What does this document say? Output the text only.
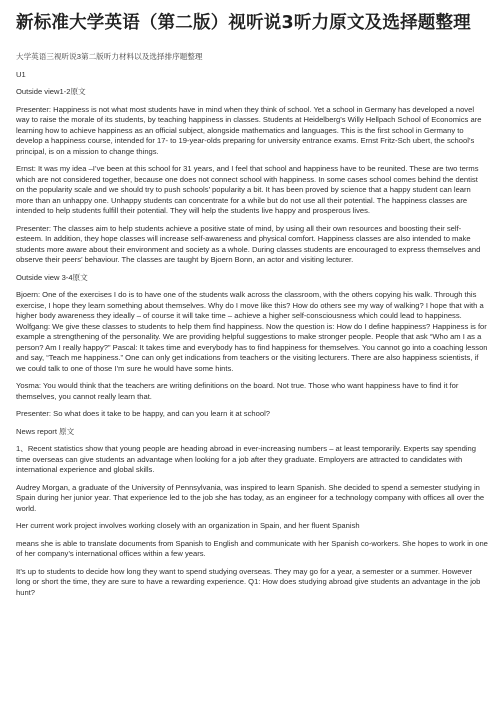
新标准大学英语（第二版）视听说3听力原文及选择题整理

大学英语三视听说3第二版听力材料以及选择排序题整理

U1

Outside view1-2原文

Presenter: Happiness is not what most students have in mind when they think of school. Yet a school in Germany has developed a novel way to raise the morale of its students, by teaching happiness in classes. Students at Heidelberg’s Willy Hellpach School of Economics are learning how to achieve happiness as an official subject, alongside mathematics and languages. This is the first school in Germany to develop a happiness course, intended for 17- to 19-year-olds preparing for university entrance exams. Ernst Fritz-Sch ubert, the school’s principal, is on a mission to change things.

Ernst: It was my idea –I’ve been at this school for 31 years, and I feel that school and happiness have to be reunited. These are two terms which are not considered together, because one does not connect school with happiness. In some cases school comes behind the dentist on the popularity scale and we should try to push schools’ popularity a bit. It has been proved by science that a happy student can learn more than an unhappy one. Unhappy students can concentrate for a while but do not use all their potential. The happiness classes are intended to help students fulfill their potential. They will help the students live happy and prosperous lives.

Presenter: The classes aim to help students achieve a positive state of mind, by using all their own resources and boosting their self-esteem. In addition, they hope classes will increase self-awareness and physical comfort. Happiness classes are also intended to make students more aware about their environment and society as a whole. During classes students are encouraged to express themselves and observe their peers’ behaviour. The classes are taught by Bjoern Bonn, an actor and visiting lecturer.

Outside view 3-4原文

Bjoern: One of the exercises I do is to have one of the students walk across the classroom, with the others copying his walk. Through this exercise, I hope they learn something about themselves. Why do I move like this? How do others see my way of walking? I hope that with a higher body awareness they ideally – of course it will take time – achieve a higher self-consciousness which could lead to happiness. Wolfgang: We give these classes to students to help them find happiness. Now the question is: How do I define happiness? Happiness is for example a strengthening of the personality. We are providing helpful suggestions to make stronger people. People that ask “Who am I as a person? Am I really happy?” Pascal: It takes time and everybody has to find happiness for themselves. You cannot go into a coaching lesson and say, “Teach me happiness.” One can only get indications from teachers or the visiting lecturers. There are also happiness scientists, if we could talk to one of those I’m sure he would have some hints.

Yosma: You would think that the teachers are writing definitions on the board. Not true. Those who want happiness have to find it for themselves, you cannot really learn that.

Presenter: So what does it take to be happy, and can you learn it at school?

News report 原文

1、Recent statistics show that young people are heading abroad in ever-increasing numbers – at least temporarily. Experts say spending time overseas can give students an advantage when looking for a job after they graduate. Employers are attracted to candidates with international experience and global skills.

Audrey Morgan, a graduate of the University of Pennsylvania, was inspired to learn Spanish. She decided to spend a semester studying in Spain during her junior year. That experience led to the job she has today, as an engineer for a technology company with offices all over the world.

Her current work project involves working closely with an organization in Spain, and her fluent Spanish

means she is able to translate documents from Spanish to English and communicate with her Spanish co-workers. She hopes to work in one of her company’s international offices within a few years.

It’s up to students to decide how long they want to spend studying overseas. They may go for a year, a semester or a summer. However long or short the time, they are sure to have a rewarding experience. Q1: How does studying abroad give students an advantage in the job hunt?
